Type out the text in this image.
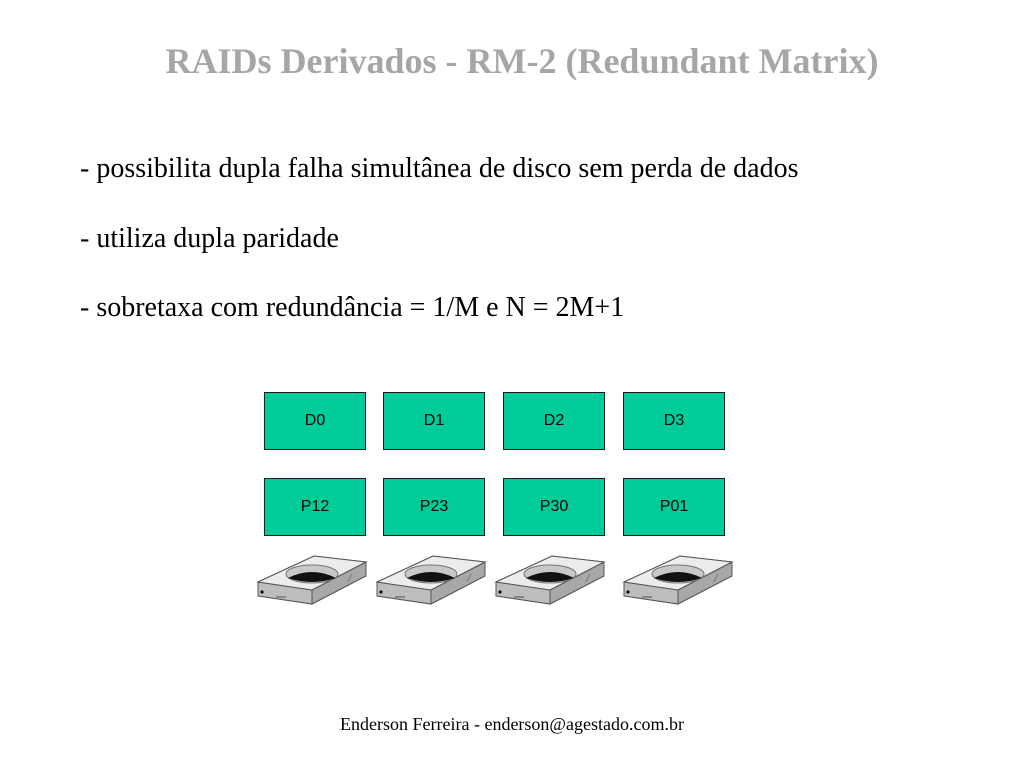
RAIDs Derivados - RM-2 (Redundant Matrix)
- possibilita dupla falha simultânea de disco sem perda de dados
- utiliza dupla paridade
- sobretaxa com redundância = 1/M e N = 2M+1
D0	D1	D2	D3
P12	P23	P30	P01
Enderson Ferreira - enderson@agestado.com.br
